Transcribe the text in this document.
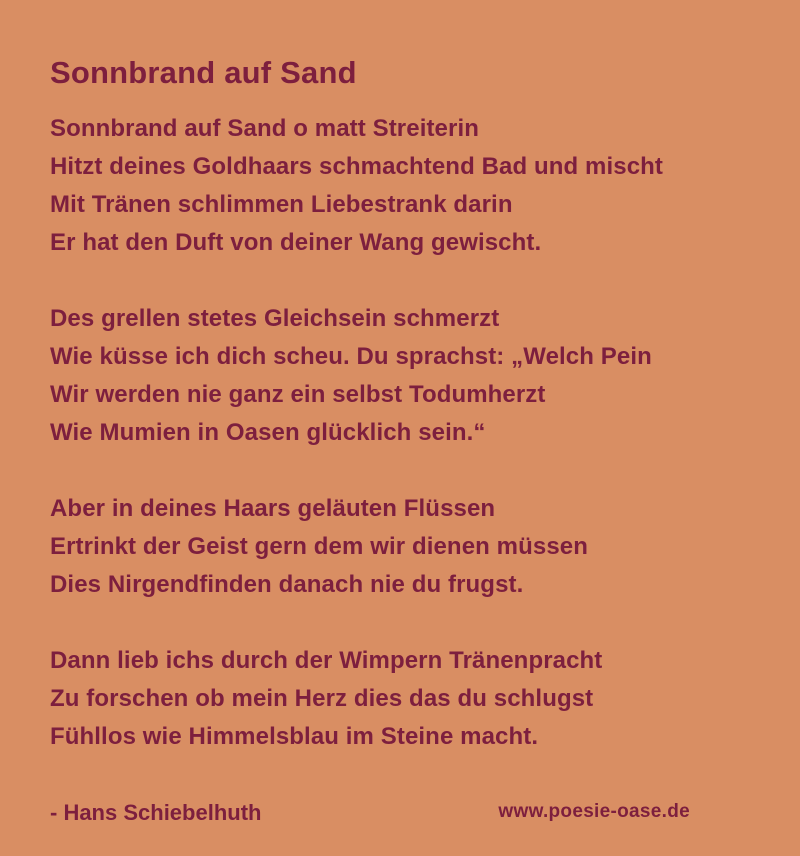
Sonnbrand auf Sand
Sonnbrand auf Sand o matt Streiterin
Hitzt deines Goldhaars schmachtend Bad und mischt
Mit Tränen schlimmen Liebestrank darin
Er hat den Duft von deiner Wang gewischt.
Des grellen stetes Gleichsein schmerzt
Wie küsse ich dich scheu. Du sprachst: „Welch Pein
Wir werden nie ganz ein selbst Todumherzt
Wie Mumien in Oasen glücklich sein.“
Aber in deines Haars geläuten Flüssen
Ertrinkt der Geist gern dem wir dienen müssen
Dies Nirgendfinden danach nie du frugst.
Dann lieb ichs durch der Wimpern Tränenpracht
Zu forschen ob mein Herz dies das du schlugst
Fühllos wie Himmelsblau im Steine macht.
- Hans Schiebelhuth	www.poesie-oase.de
